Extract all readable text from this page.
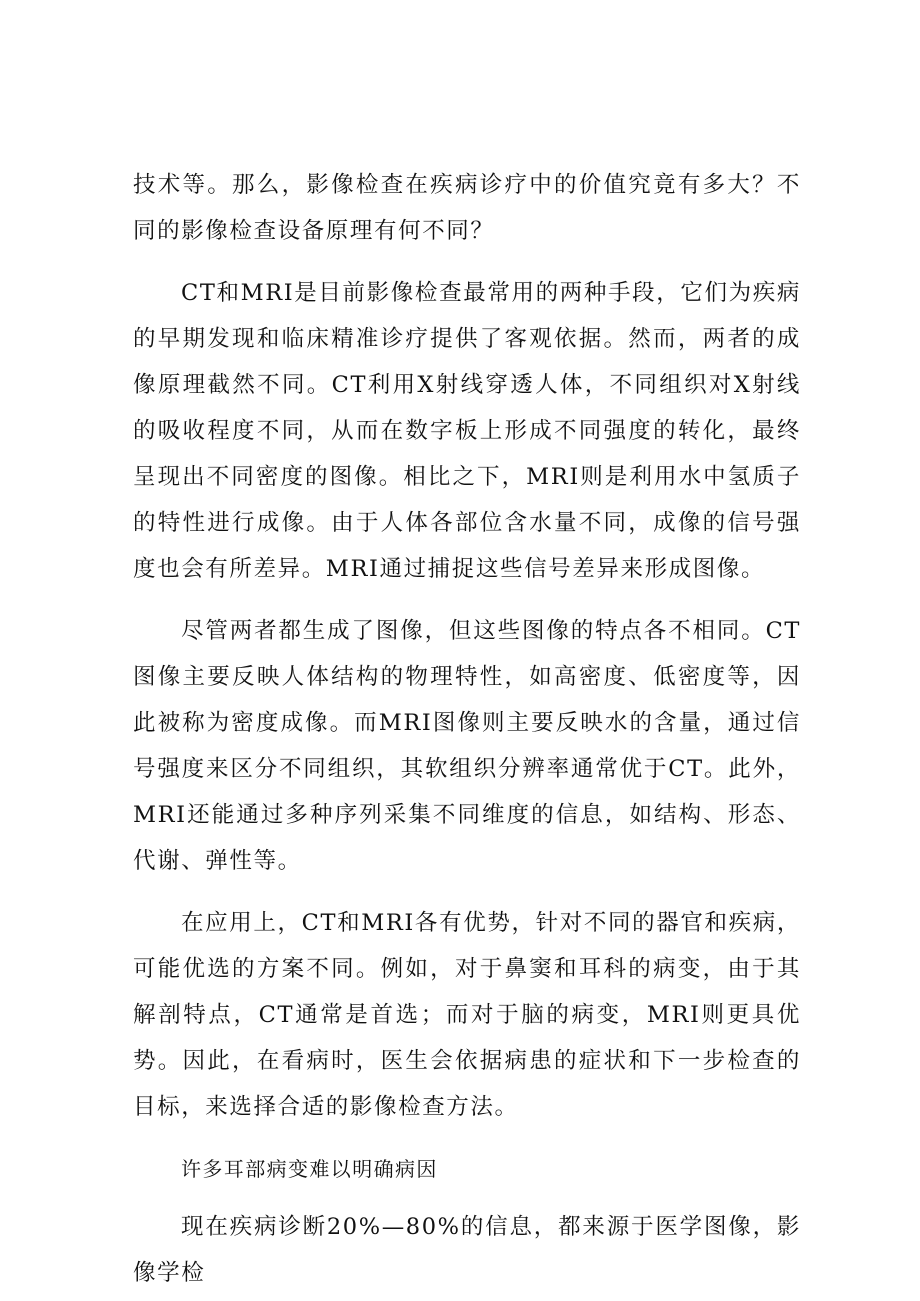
技术等。那么，影像检查在疾病诊疗中的价值究竟有多大？不同的影像检查设备原理有何不同？

CT和MRI是目前影像检查最常用的两种手段，它们为疾病的早期发现和临床精准诊疗提供了客观依据。然而，两者的成像原理截然不同。CT利用X射线穿透人体，不同组织对X射线的吸收程度不同，从而在数字板上形成不同强度的转化，最终呈现出不同密度的图像。相比之下，MRI则是利用水中氢质子的特性进行成像。由于人体各部位含水量不同，成像的信号强度也会有所差异。MRI通过捕捉这些信号差异来形成图像。

尽管两者都生成了图像，但这些图像的特点各不相同。CT图像主要反映人体结构的物理特性，如高密度、低密度等，因此被称为密度成像。而MRI图像则主要反映水的含量，通过信号强度来区分不同组织，其软组织分辨率通常优于CT。此外，MRI还能通过多种序列采集不同维度的信息，如结构、形态、代谢、弹性等。

在应用上，CT和MRI各有优势，针对不同的器官和疾病，可能优选的方案不同。例如，对于鼻窦和耳科的病变，由于其解剖特点，CT通常是首选；而对于脑的病变，MRI则更具优势。因此，在看病时，医生会依据病患的症状和下一步检查的目标，来选择合适的影像检查方法。

许多耳部病变难以明确病因

现在疾病诊断20%—80%的信息，都来源于医学图像，影像学检
